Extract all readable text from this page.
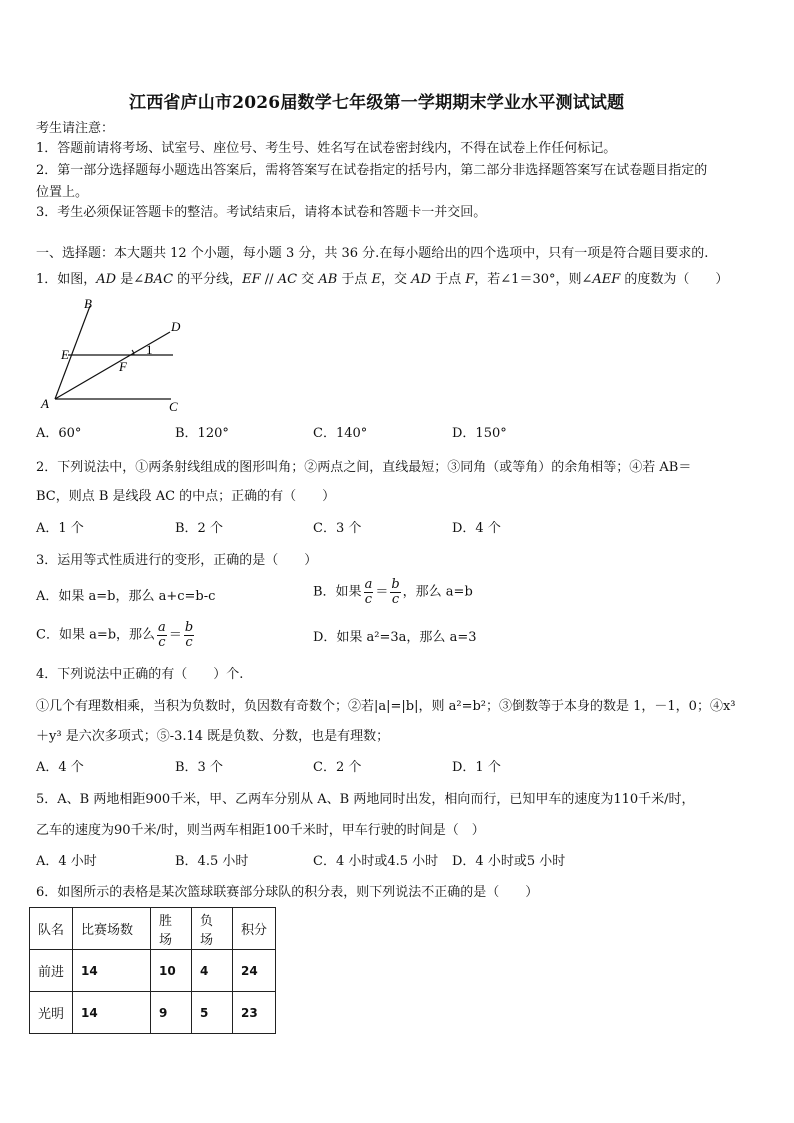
江西省庐山市2026届数学七年级第一学期期末学业水平测试试题
考生请注意：
1．答题前请将考场、试室号、座位号、考生号、姓名写在试卷密封线内，不得在试卷上作任何标记。
2．第一部分选择题每小题选出答案后，需将答案写在试卷指定的括号内，第二部分非选择题答案写在试卷题目指定的
位置上。
3．考生必须保证答题卡的整洁。考试结束后，请将本试卷和答题卡一并交回。
一、选择题：本大题共 12 个小题，每小题 3 分，共 36 分.在每小题给出的四个选项中，只有一项是符合题目要求的.
1．如图，AD 是∠BAC 的平分线，EF // AC 交 AB 于点 E，交 AD 于点 F，若∠1＝30°，则∠AEF 的度数为（　　）
B
D
E	1
F
A	C
A．60°	B．120°	C．140°	D．150°
2．下列说法中，①两条射线组成的图形叫角；②两点之间，直线最短；③同角（或等角）的余角相等；④若 AB＝
BC，则点 B 是线段 AC 的中点；正确的有（　　）
A．1 个	B．2 个	C．3 个	D．4 个
3．运用等式性质进行的变形，正确的是（　　）
A．如果 a=b，那么 a+c=b-c	B．如果 $\frac{a}{c} = \frac{b}{c}$ ，那么 a=b
C．如果 a=b，那么 $\frac{a}{c} = \frac{b}{c}$	D．如果 a²=3a，那么 a=3
4．下列说法中正确的有（　　）个.
①几个有理数相乘，当积为负数时，负因数有奇数个；②若|a|=|b|，则 a²=b²；③倒数等于本身的数是 1，－1，0；④x³
＋y³ 是六次多项式；⑤-3.14 既是负数、分数，也是有理数；
A．4 个	B．3 个	C．2 个	D．1 个
5．A、B 两地相距900千米，甲、乙两车分别从 A、B 两地同时出发，相向而行，已知甲车的速度为110千米/时，
乙车的速度为90千米/时，则当两车相距100千米时，甲车行驶的时间是（　）
A．4 小时	B．4.5 小时	C．4 小时或4.5 小时 D．4 小时或5 小时
6．如图所示的表格是某次篮球联赛部分球队的积分表，则下列说法不正确的是（　　）
队名	比赛场数	胜场	负场	积分
前进	14	10	4	24
光明	14	9	5	23
